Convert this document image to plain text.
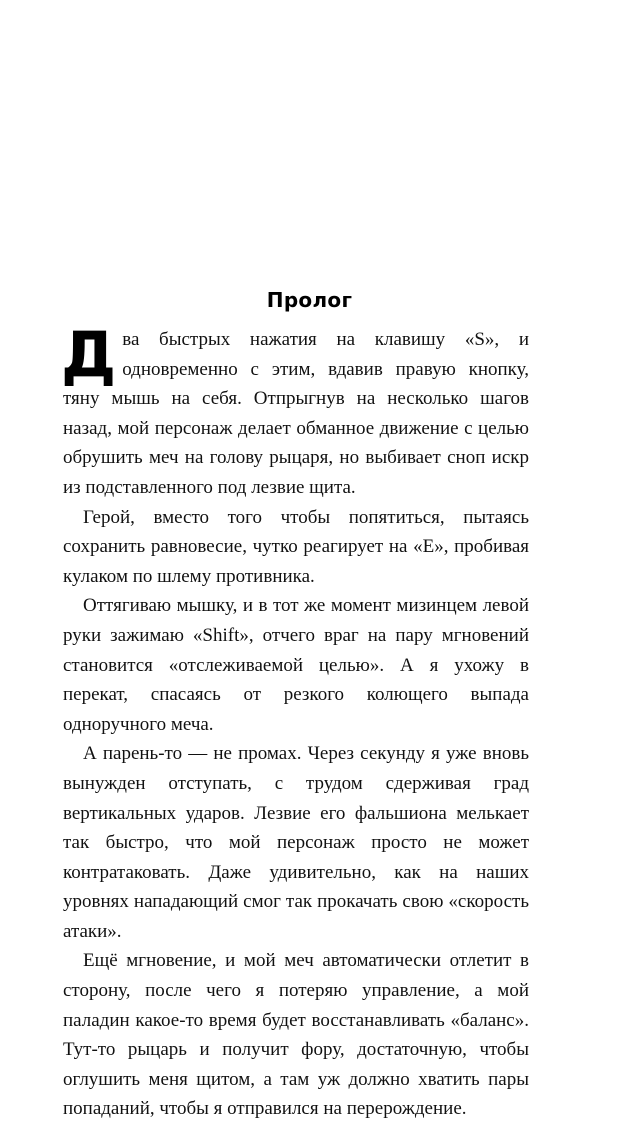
Пролог

Два быстрых нажатия на клавишу «S», и одновременно с этим, вдавив правую кнопку, тяну мышь на себя. Отпрыгнув на несколько шагов назад, мой персонаж делает обманное движение с целью обрушить меч на голову рыцаря, но выбивает сноп искр из подставленного под лезвие щита.

Герой, вместо того чтобы попятиться, пытаясь сохранить равновесие, чутко реагирует на «E», пробивая кулаком по шлему противника.

Оттягиваю мышку, и в тот же момент мизинцем левой руки зажимаю «Shift», отчего враг на пару мгновений становится «отслеживаемой целью». А я ухожу в перекат, спасаясь от резкого колющего выпада одноручного меча.

А парень-то — не промах. Через секунду я уже вновь вынужден отступать, с трудом сдерживая град вертикальных ударов. Лезвие его фальшиона мелькает так быстро, что мой персонаж просто не может контратаковать. Даже удивительно, как на наших уровнях нападающий смог так прокачать свою «скорость атаки».

Ещё мгновение, и мой меч автоматически отлетит в сторону, после чего я потеряю управление, а мой паладин какое-то время будет восстанавливать «баланс». Тут-то рыцарь и получит фору, достаточную, чтобы оглушить меня щитом, а там уж должно хватить пары попаданий, чтобы я отправился на перерождение.
